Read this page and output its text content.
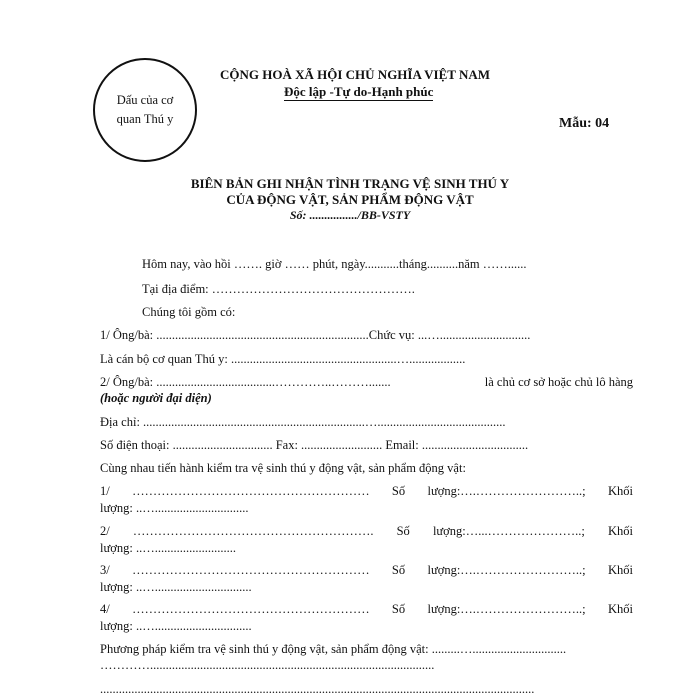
Dấu của cơ
quan Thú y
CỘNG HOÀ XÃ HỘI CHỦ NGHĨA VIỆT NAM
Độc lập -Tự do-Hạnh phúc
Mẫu: 04
BIÊN BẢN GHI NHẬN TÌNH TRẠNG VỆ SINH THÚ Y
CỦA ĐỘNG VẬT, SẢN PHẨM ĐỘNG VẬT
Số: ................/BB-VSTY
Hôm nay, vào hồi ……. giờ …… phút, ngày...........tháng..........năm ……......
Tại địa điểm: ………………………………………….
Chúng tôi gồm có:
1/ Ông/bà: ....................................................................Chức vụ: ...….............................
Là cán bộ cơ quan Thú y: .....................................................…..................
2/ Ông/bà: ......................................…………..……….......	là chủ cơ sở hoặc chủ lô hàng
(hoặc người đại diện)
Địa chỉ: .......................................................................….........................................
Số điện thoại: ................................ Fax: .......................... Email: ..................................
Cùng nhau tiến hành kiểm tra vệ sinh thú y động vật, sản phẩm động vật:
1/ ………………………………………………… Số lượng:….……………………..; Khối
lượng: ..…..............................
2/ …………………………………………………. Số lượng:…...…………………..; Khối
lượng: ..…..........................
3/ ………………………………………………… Số lượng:….……………………..; Khối
lượng: ..…...............................
4/ ………………………………………………… Số lượng:….……………………..; Khối
lượng: ..…...............................
Phương pháp kiểm tra vệ sinh thú y động vật, sản phẩm động vật: .........…..............................
…………...........................................................................................
...........................................................................................................................................
